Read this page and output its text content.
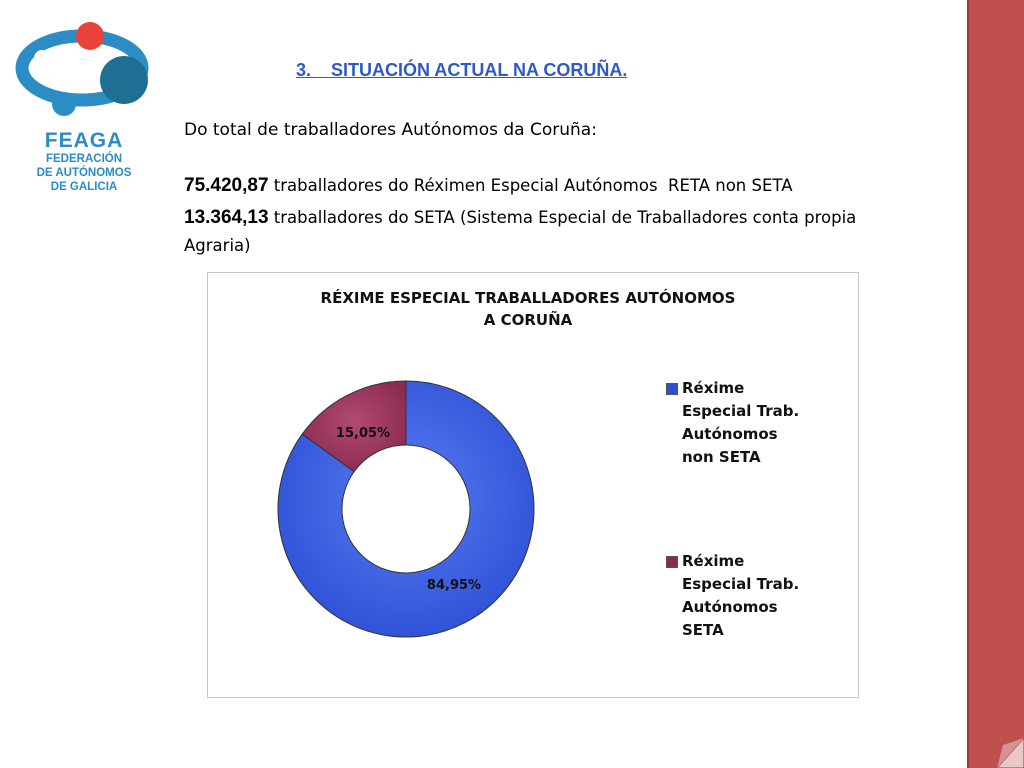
FEAGA
FEDERACIÓN
DE AUTÓNOMOS
DE GALICIA
3.    SITUACIÓN ACTUAL NA CORUÑA.
Do total de traballadores Autónomos da Coruña:
75.420,87 traballadores do Réximen Especial Autónomos  RETA non SETA
13.364,13 traballadores do SETA (Sistema Especial de Traballadores conta propia Agraria)
RÉXIME ESPECIAL TRABALLADORES AUTÓNOMOS
A CORUÑA
84,95%
15,05%
Réxime
Especial Trab.
Autónomos
non SETA
Réxime
Especial Trab.
Autónomos
SETA
